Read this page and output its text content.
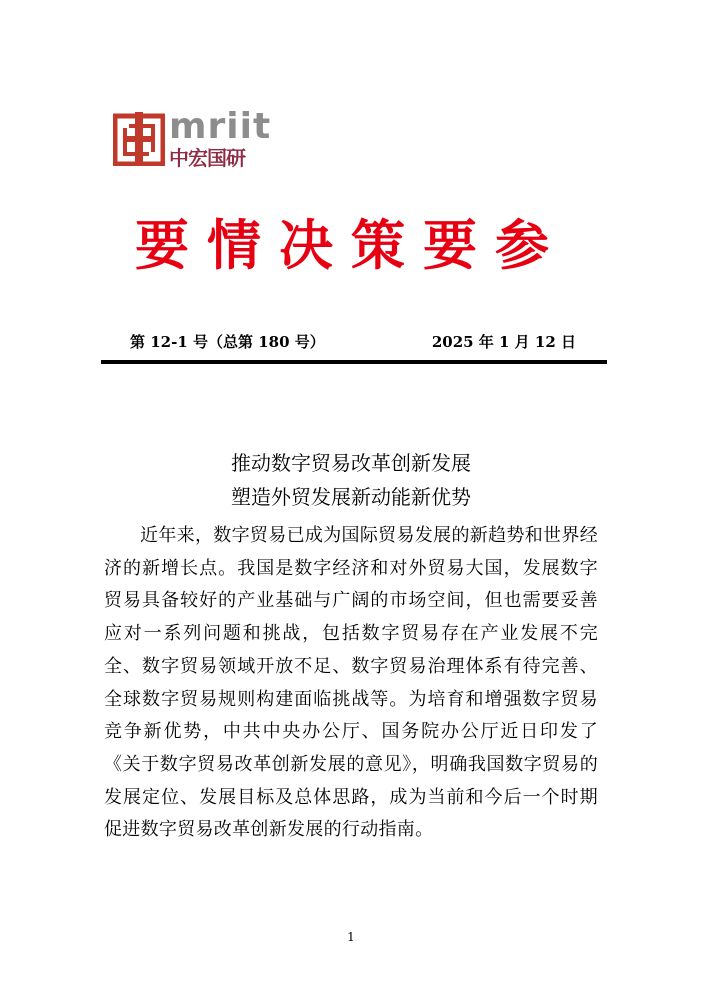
mriit
中宏国研
要情决策要参
第 12-1 号（总第 180 号）	2025 年 1 月 12 日
推动数字贸易改革创新发展
塑造外贸发展新动能新优势

近年来，数字贸易已成为国际贸易发展的新趋势和世界经济的新增长点。我国是数字经济和对外贸易大国，发展数字贸易具备较好的产业基础与广阔的市场空间，但也需要妥善应对一系列问题和挑战，包括数字贸易存在产业发展不完全、数字贸易领域开放不足、数字贸易治理体系有待完善、全球数字贸易规则构建面临挑战等。为培育和增强数字贸易竞争新优势，中共中央办公厅、国务院办公厅近日印发了《关于数字贸易改革创新发展的意见》，明确我国数字贸易的发展定位、发展目标及总体思路，成为当前和今后一个时期促进数字贸易改革创新发展的行动指南。

1
